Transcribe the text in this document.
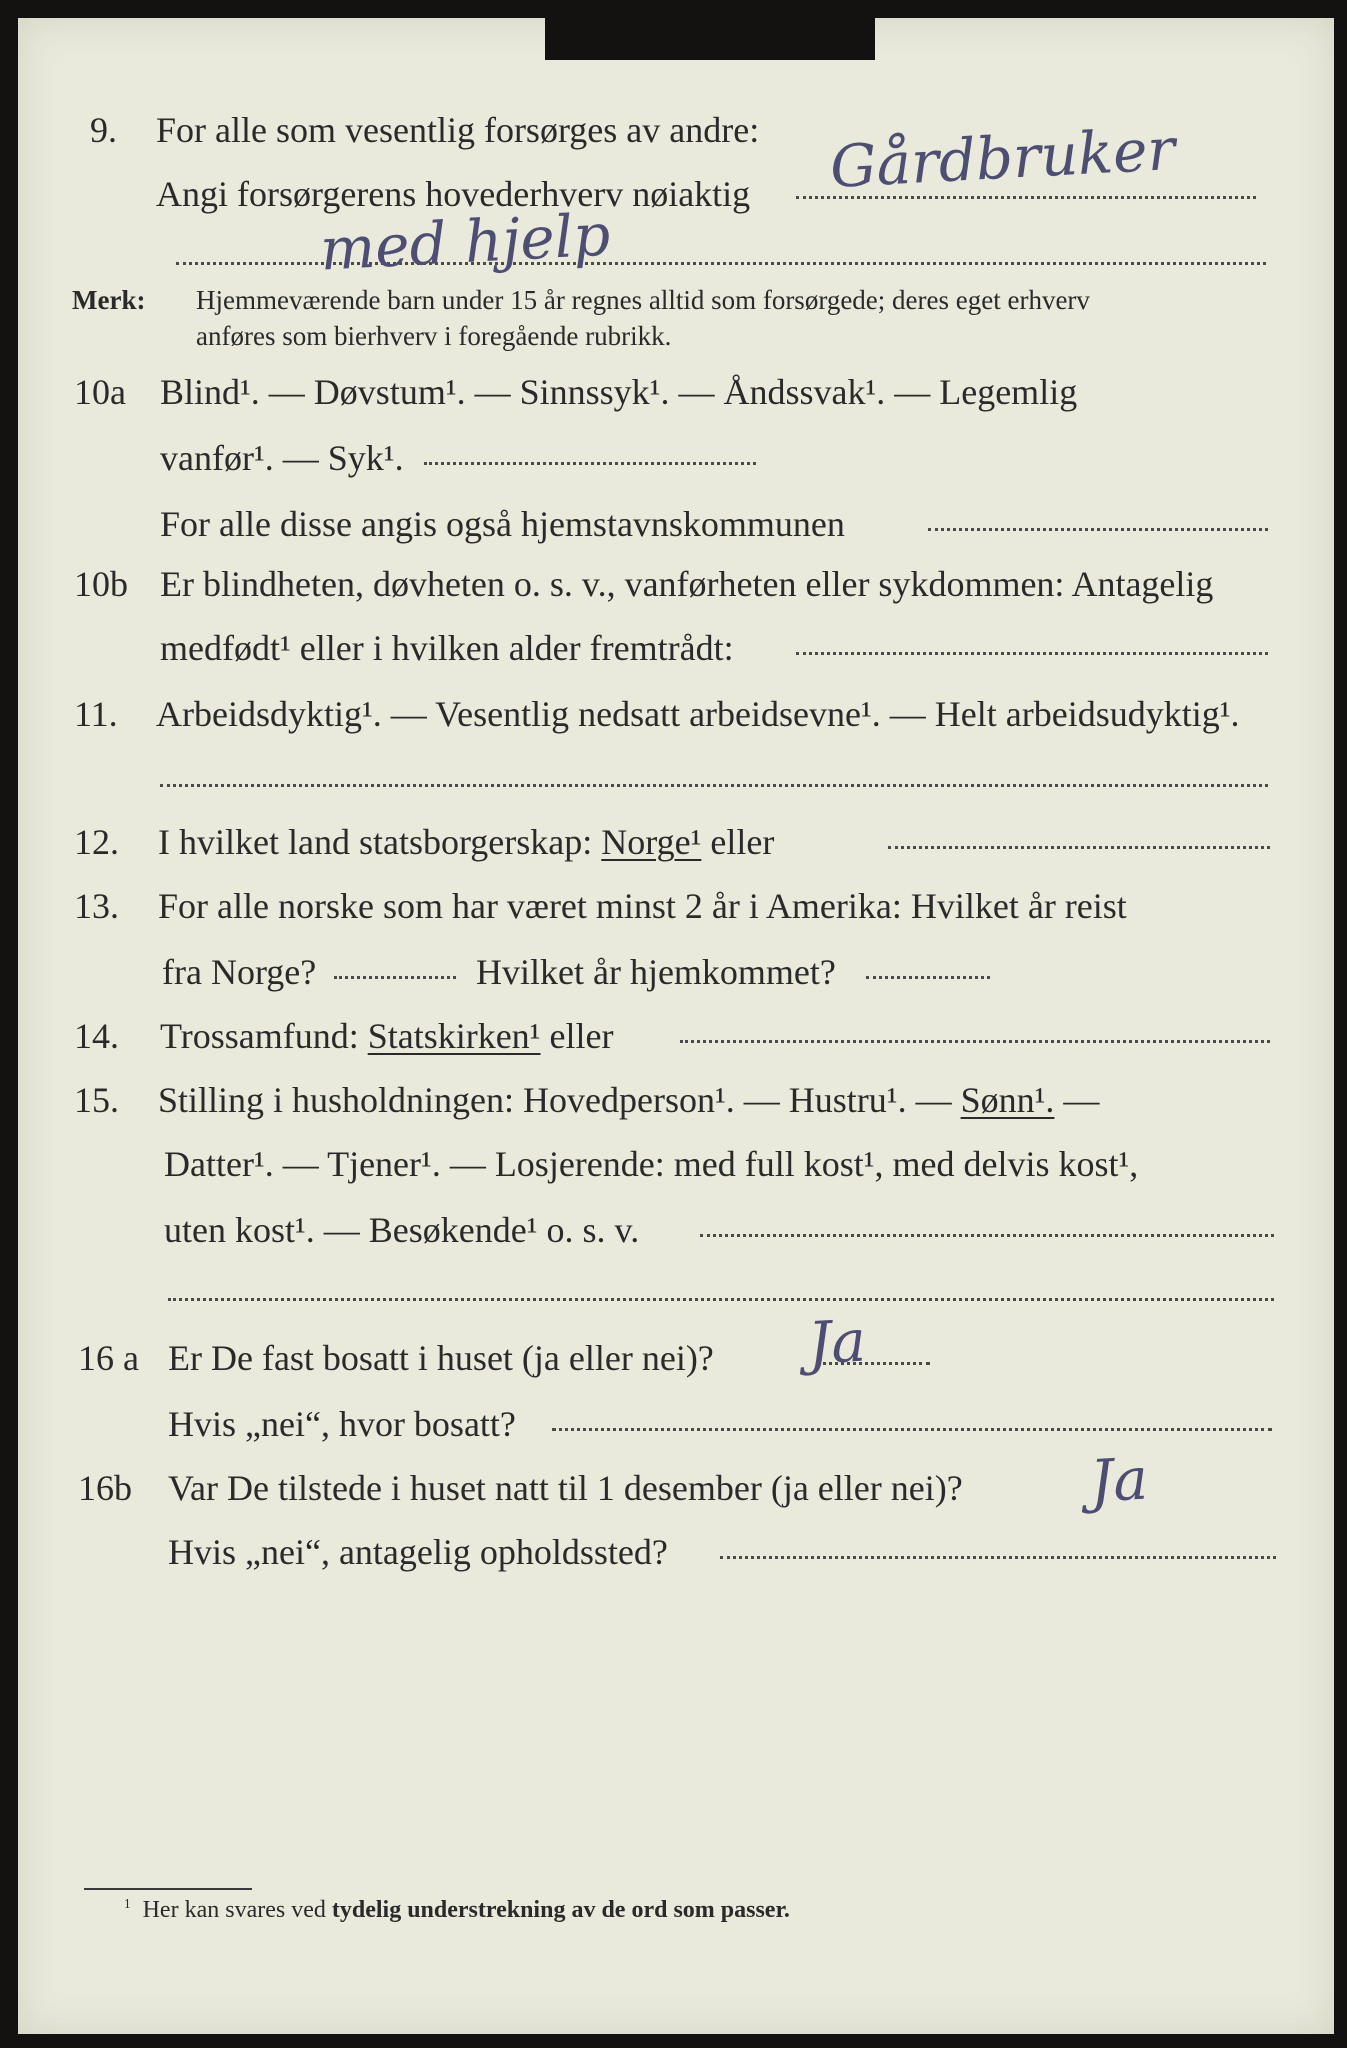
9. For alle som vesentlig forsørges av andre:
Angi forsørgerens hovederhverv nøiaktig Gårdbruker
med hjelp
Merk: Hjemmeværende barn under 15 år regnes alltid som forsørgede; deres eget erhverv
anføres som bierhverv i foregående rubrikk.
10a Blind¹. — Døvstum¹. — Sinnssyk¹. — Åndssvak¹. — Legemlig
vanfør¹. — Syk¹.
For alle disse angis også hjemstavnskommunen
10b Er blindheten, døvheten o. s. v., vanførheten eller sykdommen: Antagelig
medfødt¹ eller i hvilken alder fremtrådt:
11. Arbeidsdyktig¹. — Vesentlig nedsatt arbeidsevne¹. — Helt arbeidsudyktig¹.
12. I hvilket land statsborgerskap: Norge¹ eller
13. For alle norske som har været minst 2 år i Amerika: Hvilket år reist
fra Norge?	Hvilket år hjemkommet?
14. Trossamfund: Statskirken¹ eller
15. Stilling i husholdningen: Hovedperson¹. — Hustru¹. — Sønn¹. —
Datter¹. — Tjener¹. — Losjerende: med full kost¹, med delvis kost¹,
uten kost¹. — Besøkende¹ o. s. v.
16 a Er De fast bosatt i huset (ja eller nei)? Ja
Hvis „nei“, hvor bosatt?
16b Var De tilstede i huset natt til 1 desember (ja eller nei)? Ja
Hvis „nei“, antagelig opholdssted?
$^1$ Her kan svares ved tydelig understrekning av de ord som passer.
